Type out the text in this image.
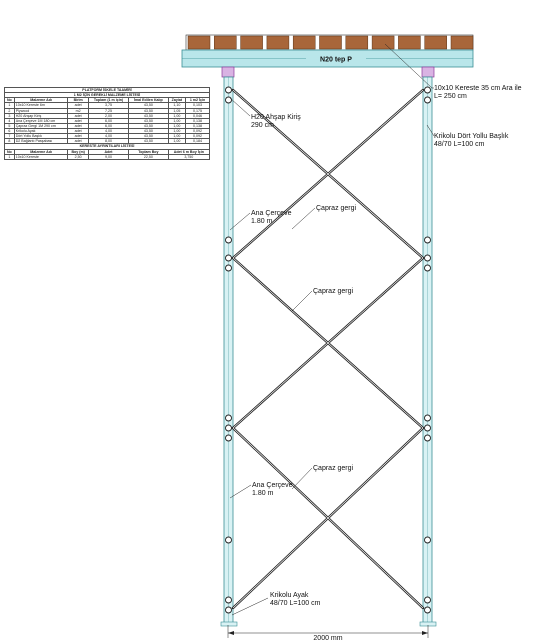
PLATFORM İSKELE TAAMİRİ						
1 M2 İÇİN GEREKLİ MALZEME LİSTESİ						
No	Malzeme Adı	Birim	Toplam (1 m için)	İmal Edilen Kalıp	Zayiat	1 m2 İçin
1	10x10 Kereste 6m	adet	3,75	43,50	1,10	0,103
2	Plywood	m2	7,25	43,50	1,05	0,175
3	H20 Ahşap Kiriş	adet	2,00	43,50	1,00	0,046
4	Ana Çerçeve 1M 180 cm	adet	6,00	43,50	1,00	0,138
5	Çapraz Gergi 1M 290 cm	adet	6,00	43,50	1,00	0,138
6	Krikolu Ayak	adet	4,00	43,50	1,00	0,092
7	Dört Yollu Başlık	adet	4,00	43,50	1,00	0,092
8	D2 Bağlantı Pasşabası	adet	8,00	43,50	1,00	0,184
KERESTE AYRINTILARI LİSTESİ						
No	Malzeme Adı	Boy (m)	Adet	Toplam Boy	Adet 6 m Boy İçin	
1	10x10 Kereste	2,50	9,00	22,50	3,750	
N20 tep P
2000 mm
10x10 Kereste 35 cm Ara ile
L= 250 cm
H20 Ahşap Kiriş
290 cm
Krikolu Dört Yollu Başlık
48/70 L=100 cm
Ana Çerçeve
1.80 m
Çapraz gergi
Çapraz gergi
Çapraz gergi
Ana Çerçeve
1.80 m
Krikolu Ayak
48/70 L=100 cm
